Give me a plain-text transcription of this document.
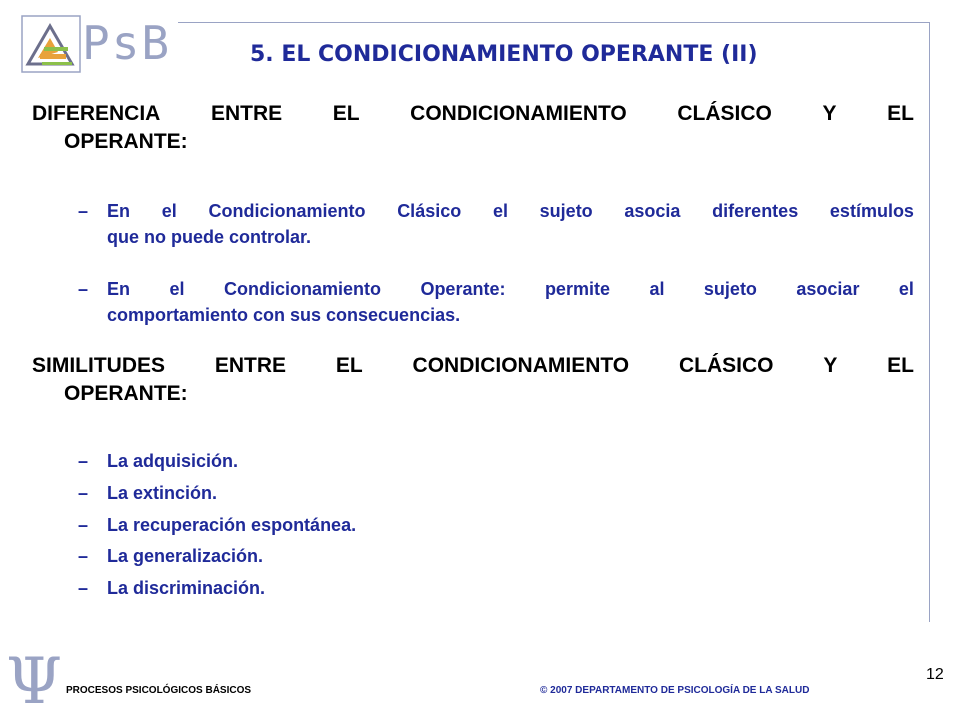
PsB	5. EL CONDICIONAMIENTO OPERANTE (II)
DIFERENCIA ENTRE EL CONDICIONAMIENTO CLÁSICO Y EL
OPERANTE:
– En el Condicionamiento Clásico el sujeto asocia diferentes estímulos
que no puede controlar.
– En el Condicionamiento Operante: permite al sujeto asociar el
comportamiento con sus consecuencias.
SIMILITUDES ENTRE EL CONDICIONAMIENTO CLÁSICO Y EL
OPERANTE:
– La adquisición.
– La extinción.
– La recuperación espontánea.
– La generalización.
– La discriminación.
Ψ PROCESOS PSICOLÓGICOS BÁSICOS	© 2007 DEPARTAMENTO DE PSICOLOGÍA DE LA SALUD
12
